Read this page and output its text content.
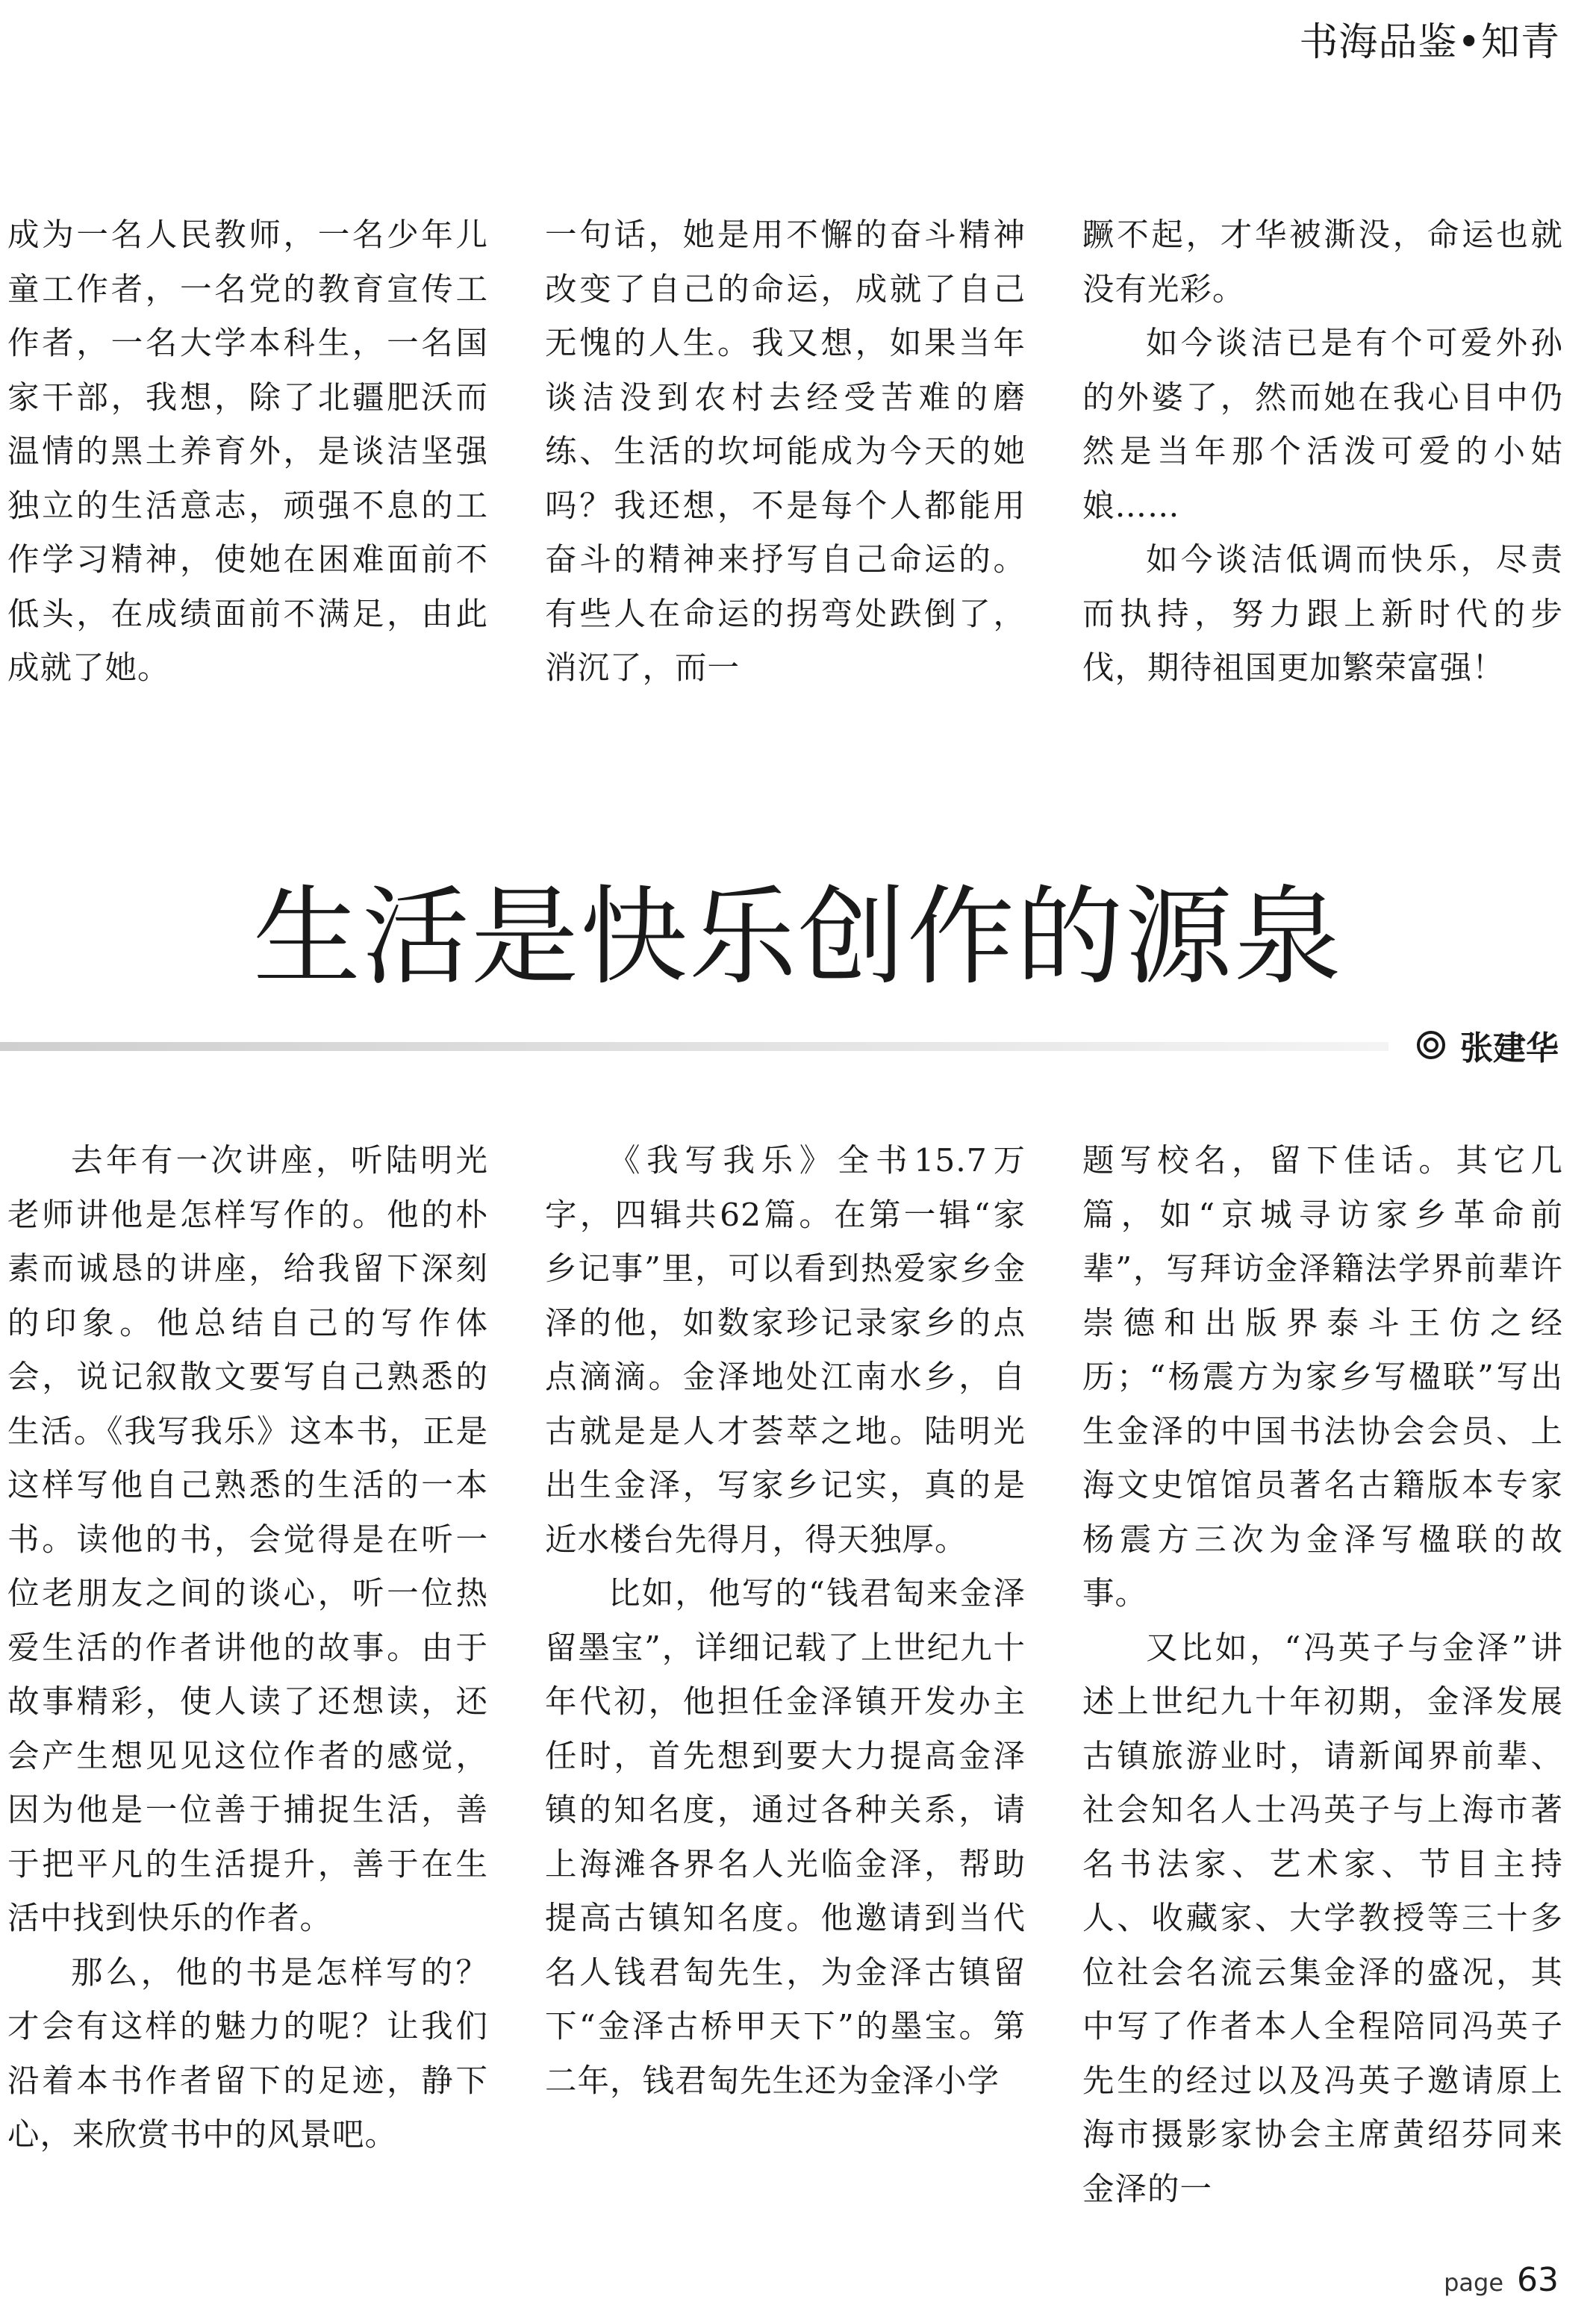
书海品鉴•知青

成为一名人民教师，一名少年儿童工作者，一名党的教育宣传工作者，一名大学本科生，一名国家干部，我想，除了北疆肥沃而温情的黑土养育外，是谈洁坚强独立的生活意志，顽强不息的工作学习精神，使她在困难面前不低头，在成绩面前不满足，由此成就了她。

一句话，她是用不懈的奋斗精神改变了自己的命运，成就了自己无愧的人生。我又想，如果当年谈洁没到农村去经受苦难的磨练、生活的坎坷能成为今天的她吗？我还想，不是每个人都能用奋斗的精神来抒写自己命运的。有些人在命运的拐弯处跌倒了，消沉了，而一

蹶不起，才华被澌没，命运也就没有光彩。

如今谈洁已是有个可爱外孙的外婆了，然而她在我心目中仍然是当年那个活泼可爱的小姑娘……

如今谈洁低调而快乐，尽责而执持，努力跟上新时代的步伐，期待祖国更加繁荣富强！

生活是快乐创作的源泉
张建华

去年有一次讲座，听陆明光老师讲他是怎样写作的。他的朴素而诚恳的讲座，给我留下深刻的印象。他总结自己的写作体会，说记叙散文要写自己熟悉的生活。《我写我乐》这本书，正是这样写他自己熟悉的生活的一本书。读他的书，会觉得是在听一位老朋友之间的谈心，听一位热爱生活的作者讲他的故事。由于故事精彩，使人读了还想读，还会产生想见见这位作者的感觉，因为他是一位善于捕捉生活，善于把平凡的生活提升，善于在生活中找到快乐的作者。

那么，他的书是怎样写的？才会有这样的魅力的呢？让我们沿着本书作者留下的足迹，静下心，来欣赏书中的风景吧。

《我写我乐》全书15.7万字，四辑共62篇。在第一辑“家乡记事”里，可以看到热爱家乡金泽的他，如数家珍记录家乡的点点滴滴。金泽地处江南水乡，自古就是是人才荟萃之地。陆明光出生金泽，写家乡记实，真的是近水楼台先得月，得天独厚。

比如，他写的“钱君匋来金泽留墨宝”，详细记载了上世纪九十年代初，他担任金泽镇开发办主任时，首先想到要大力提高金泽镇的知名度，通过各种关系，请上海滩各界名人光临金泽，帮助提高古镇知名度。他邀请到当代名人钱君匋先生，为金泽古镇留下“金泽古桥甲天下”的墨宝。第二年，钱君匋先生还为金泽小学

题写校名，留下佳话。其它几篇，如“京城寻访家乡革命前辈”，写拜访金泽籍法学界前辈许崇德和出版界泰斗王仿之经历；“杨震方为家乡写楹联”写出生金泽的中国书法协会会员、上海文史馆馆员著名古籍版本专家杨震方三次为金泽写楹联的故事。

又比如，“冯英子与金泽”讲述上世纪九十年初期，金泽发展古镇旅游业时，请新闻界前辈、社会知名人士冯英子与上海市著名书法家、艺术家、节目主持人、收藏家、大学教授等三十多位社会名流云集金泽的盛况，其中写了作者本人全程陪同冯英子先生的经过以及冯英子邀请原上海市摄影家协会主席黄绍芬同来金泽的一

page 63
